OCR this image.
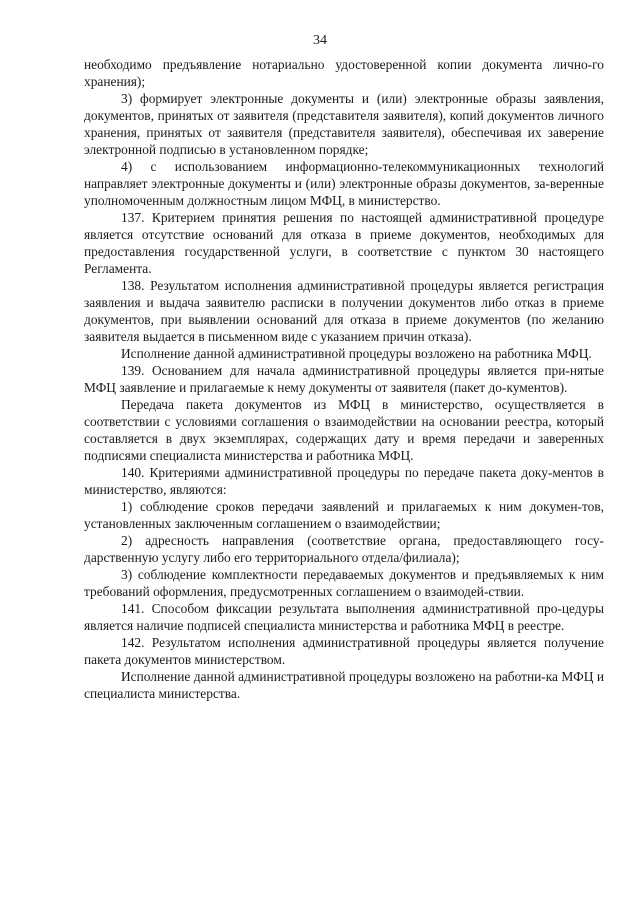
34

необходимо предъявление нотариально удостоверенной копии документа лично-го хранения);

3) формирует электронные документы и (или) электронные образы заявления, документов, принятых от заявителя (представителя заявителя), копий документов личного хранения, принятых от заявителя (представителя заявителя), обеспечивая их заверение электронной подписью в установленном порядке;

4) с использованием информационно-телекоммуникационных технологий направляет электронные документы и (или) электронные образы документов, за-веренные уполномоченным должностным лицом МФЦ, в министерство.

137. Критерием принятия решения по настоящей административной процедуре является отсутствие оснований для отказа в приеме документов, необходимых для предоставления государственной услуги, в соответствие с пунктом 30 настоящего Регламента.

138. Результатом исполнения административной процедуры является регистрация заявления и выдача заявителю расписки в получении документов либо отказ в приеме документов, при выявлении оснований для отказа в приеме документов (по желанию заявителя выдается в письменном виде с указанием причин отказа).

Исполнение данной административной процедуры возложено на работника МФЦ.

139. Основанием для начала административной процедуры является при-нятые МФЦ заявление и прилагаемые к нему документы от заявителя (пакет до-кументов).

Передача пакета документов из МФЦ в министерство, осуществляется в соответствии с условиями соглашения о взаимодействии на основании реестра, который составляется в двух экземплярах, содержащих дату и время передачи и заверенных подписями специалиста министерства и работника МФЦ.

140. Критериями административной процедуры по передаче пакета доку-ментов в министерство, являются:

1) соблюдение сроков передачи заявлений и прилагаемых к ним докумен-тов, установленных заключенным соглашением о взаимодействии;

2) адресность направления (соответствие органа, предоставляющего госу-дарственную услугу либо его территориального отдела/филиала);

3) соблюдение комплектности передаваемых документов и предъявляемых к ним требований оформления, предусмотренных соглашением о взаимодей-ствии.

141. Способом фиксации результата выполнения административной про-цедуры является наличие подписей специалиста министерства и работника МФЦ в реестре.

142. Результатом исполнения административной процедуры является получение пакета документов министерством.

Исполнение данной административной процедуры возложено на работни-ка МФЦ и специалиста министерства.
